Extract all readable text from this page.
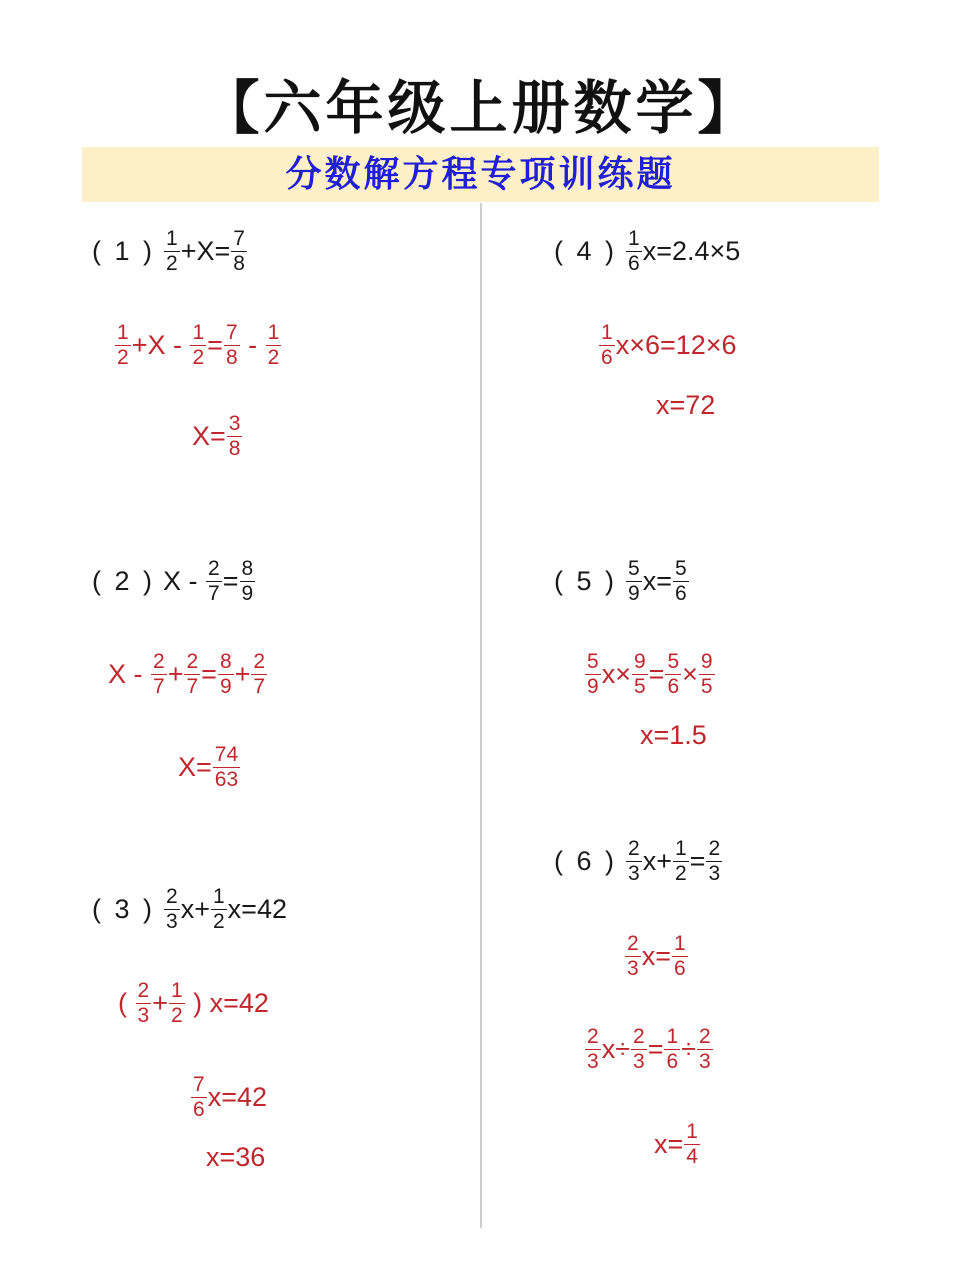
【六年级上册数学】
分数解方程专项训练题
( 1 ) $\frac{1}{2} +X= \frac{7}{8}$
$\frac{1}{2} +X - \frac{1}{2} = \frac{7}{8} - \frac{1}{2}$
$X= \frac{3}{8}$
( 2 ) $X - \frac{2}{7} = \frac{8}{9}$
$X - \frac{2}{7} + \frac{2}{7} = \frac{8}{9} + \frac{2}{7}$
$X= \frac{74}{63}$
( 3 ) $\frac{2}{3} x+ \frac{1}{2} x=42$
( $\frac{2}{3} + \frac{1}{2}$ ) x=42
$\frac{7}{6} x=42$
x=36
( 4 ) $\frac{1}{6} x=2.4\times 5$
$\frac{1}{6} x\times 6=12\times 6$
x=72
( 5 ) $\frac{5}{9} x= \frac{5}{6}$
$\frac{5}{9} x\times \frac{9}{5} = \frac{5}{6} \times \frac{9}{5}$
x=1.5
( 6 ) $\frac{2}{3} x+ \frac{1}{2} = \frac{2}{3}$
$\frac{2}{3} x= \frac{1}{6}$
$\frac{2}{3} x\div \frac{2}{3} = \frac{1}{6} \div \frac{2}{3}$
$x= \frac{1}{4}$
